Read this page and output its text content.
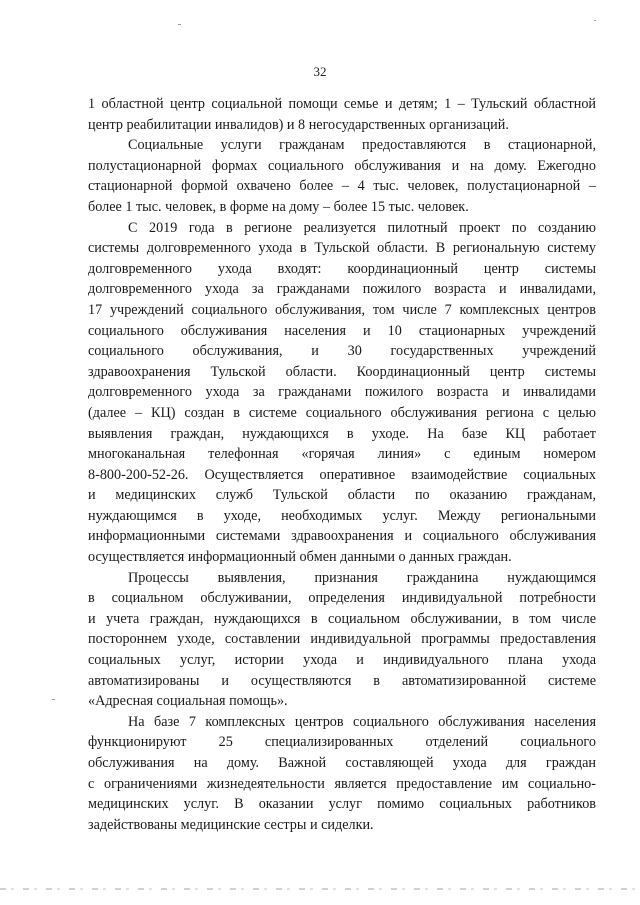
32
1 областной центр социальной помощи семье и детям; 1 – Тульский областной
центр реабилитации инвалидов) и 8 негосударственных организаций.
Социальные услуги гражданам предоставляются в стационарной,
полустационарной формах социального обслуживания и на дому. Ежегодно
стационарной формой охвачено более – 4 тыс. человек, полустационарной –
более 1 тыс. человек, в форме на дому – более 15 тыс. человек.
С 2019 года в регионе реализуется пилотный проект по созданию
системы долговременного ухода в Тульской области. В региональную систему
долговременного ухода входят: координационный центр системы
долговременного ухода за гражданами пожилого возраста и инвалидами,
17 учреждений социального обслуживания, том числе 7 комплексных центров
социального обслуживания населения и 10 стационарных учреждений
социального обслуживания, и 30 государственных учреждений
здравоохранения Тульской области. Координационный центр системы
долговременного ухода за гражданами пожилого возраста и инвалидами
(далее – КЦ) создан в системе социального обслуживания региона с целью
выявления граждан, нуждающихся в уходе. На базе КЦ работает
многоканальная телефонная «горячая линия» с единым номером
8-800-200-52-26. Осуществляется оперативное взаимодействие социальных
и медицинских служб Тульской области по оказанию гражданам,
нуждающимся в уходе, необходимых услуг. Между региональными
информационными системами здравоохранения и социального обслуживания
осуществляется информационный обмен данными о данных граждан.
Процессы выявления, признания гражданина нуждающимся
в социальном обслуживании, определения индивидуальной потребности
и учета граждан, нуждающихся в социальном обслуживании, в том числе
постороннем уходе, составлении индивидуальной программы предоставления
социальных услуг, истории ухода и индивидуального плана ухода
автоматизированы и осуществляются в автоматизированной системе
«Адресная социальная помощь».
На базе 7 комплексных центров социального обслуживания населения
функционируют 25 специализированных отделений социального
обслуживания на дому. Важной составляющей ухода для граждан
с ограничениями жизнедеятельности является предоставление им социально-
медицинских услуг. В оказании услуг помимо социальных работников
задействованы медицинские сестры и сиделки.
